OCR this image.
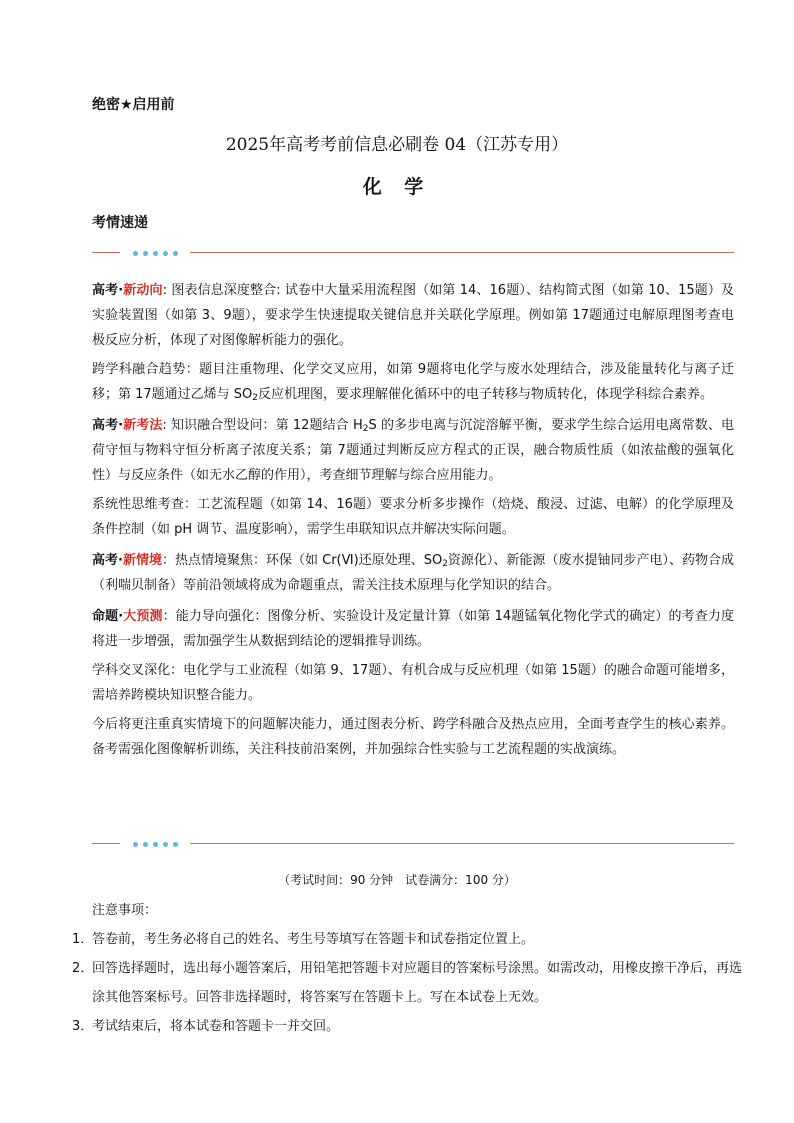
绝密★启用前
2025年高考考前信息必刷卷 04（江苏专用）
化 学
考情速递

高考·新动向: 图表信息深度整合: 试卷中大量采用流程图（如第 14、16题）、结构简式图（如第 10、15题）及实验装置图（如第 3、9题），要求学生快速提取关键信息并关联化学原理。例如第 17题通过电解原理图考查电极反应分析，体现了对图像解析能力的强化。

跨学科融合趋势：题目注重物理、化学交叉应用，如第 9题将电化学与废水处理结合，涉及能量转化与离子迁移；第 17题通过乙烯与 $SO_2$反应机理图，要求理解催化循环中的电子转移与物质转化，体现学科综合素养。

高考·新考法: 知识融合型设问：第 12题结合 $H_2S$ 的多步电离与沉淀溶解平衡，要求学生综合运用电离常数、电荷守恒与物料守恒分析离子浓度关系；第 7题通过判断反应方程式的正误，融合物质性质（如浓盐酸的强氧化性）与反应条件（如无水乙醇的作用），考查细节理解与综合应用能力。

系统性思维考查：工艺流程题（如第 14、16题）要求分析多步操作（焙烧、酸浸、过滤、电解）的化学原理及条件控制（如 pH 调节、温度影响），需学生串联知识点并解决实际问题。

高考·新情境：热点情境聚焦：环保（如 Cr(Ⅵ)还原处理、$SO_2$资源化）、新能源（废水提铀同步产电）、药物合成（利喘贝制备）等前沿领域将成为命题重点，需关注技术原理与化学知识的结合。

命题·大预测：能力导向强化：图像分析、实验设计及定量计算（如第 14题锰氧化物化学式的确定）的考查力度将进一步增强，需加强学生从数据到结论的逻辑推导训练。

学科交叉深化：电化学与工业流程（如第 9、17题）、有机合成与反应机理（如第 15题）的融合命题可能增多，需培养跨模块知识整合能力。

今后将更注重真实情境下的问题解决能力，通过图表分析、跨学科融合及热点应用，全面考查学生的核心素养。备考需强化图像解析训练，关注科技前沿案例，并加强综合性实验与工艺流程题的实战演练。

（考试时间：90 分钟　试卷满分：100 分）
注意事项：
1．
答卷前，考生务必将自己的姓名、考生号等填写在答题卡和试卷指定位置上。
2．
回答选择题时，选出每小题答案后，用铅笔把答题卡对应题目的答案标号涂黑。如需改动，用橡皮擦干净后，再选涂其他答案标号。回答非选择题时，将答案写在答题卡上。写在本试卷上无效。
3．
考试结束后，将本试卷和答题卡一并交回。
